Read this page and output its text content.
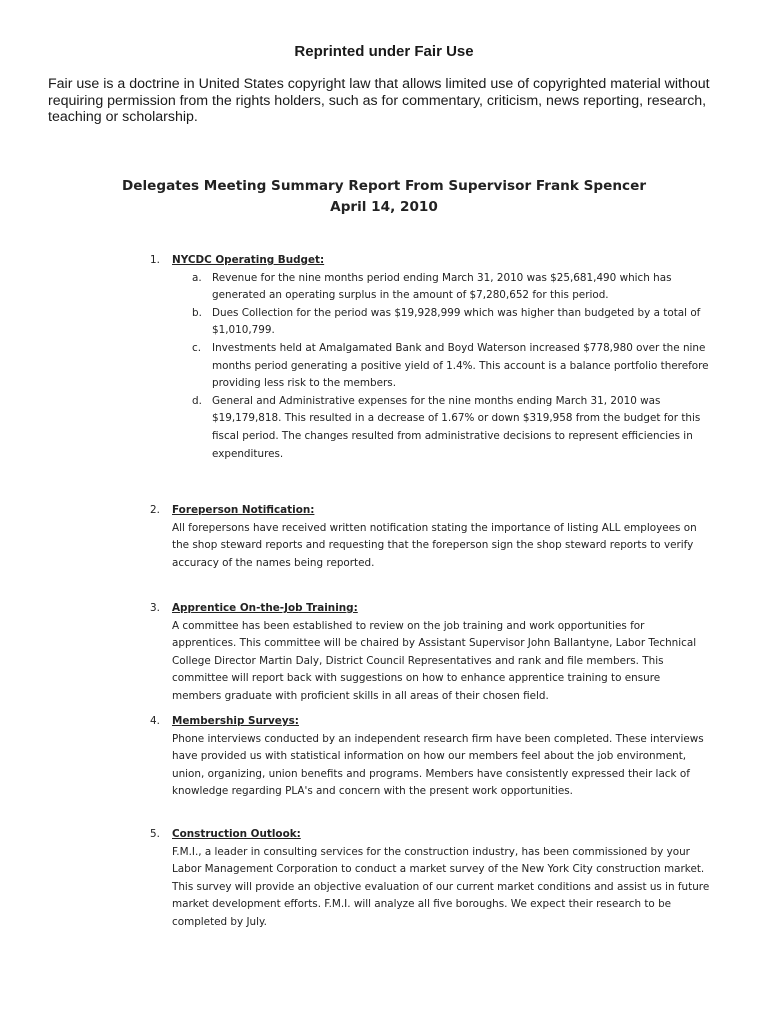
Reprinted under Fair Use
Fair use is a doctrine in United States copyright law that allows limited use of copyrighted material without
requiring permission from the rights holders, such as for commentary, criticism, news reporting, research,
teaching or scholarship.
Delegates Meeting Summary Report From Supervisor Frank Spencer
April 14, 2010
1. NYCDC Operating Budget:
a. Revenue for the nine months period ending March 31, 2010 was $25,681,490 which has generated an operating surplus in the amount of $7,280,652 for this period.
b. Dues Collection for the period was $19,928,999 which was higher than budgeted by a total of $1,010,799.
c. Investments held at Amalgamated Bank and Boyd Waterson increased $778,980 over the nine months period generating a positive yield of 1.4%. This account is a balance portfolio therefore providing less risk to the members.
d. General and Administrative expenses for the nine months ending March 31, 2010 was $19,179,818. This resulted in a decrease of 1.67% or down $319,958 from the budget for this fiscal period. The changes resulted from administrative decisions to represent efficiencies in expenditures.
2. Foreperson Notification:
All forepersons have received written notification stating the importance of listing ALL employees on the shop steward reports and requesting that the foreperson sign the shop steward reports to verify accuracy of the names being reported.
3. Apprentice On-the-Job Training:
A committee has been established to review on the job training and work opportunities for apprentices. This committee will be chaired by Assistant Supervisor John Ballantyne, Labor Technical College Director Martin Daly, District Council Representatives and rank and file members. This committee will report back with suggestions on how to enhance apprentice training to ensure members graduate with proficient skills in all areas of their chosen field.
4. Membership Surveys:
Phone interviews conducted by an independent research firm have been completed. These interviews have provided us with statistical information on how our members feel about the job environment, union, organizing, union benefits and programs. Members have consistently expressed their lack of knowledge regarding PLA's and concern with the present work opportunities.
5. Construction Outlook:
F.M.I., a leader in consulting services for the construction industry, has been commissioned by your Labor Management Corporation to conduct a market survey of the New York City construction market. This survey will provide an objective evaluation of our current market conditions and assist us in future market development efforts. F.M.I. will analyze all five boroughs. We expect their research to be completed by July.
